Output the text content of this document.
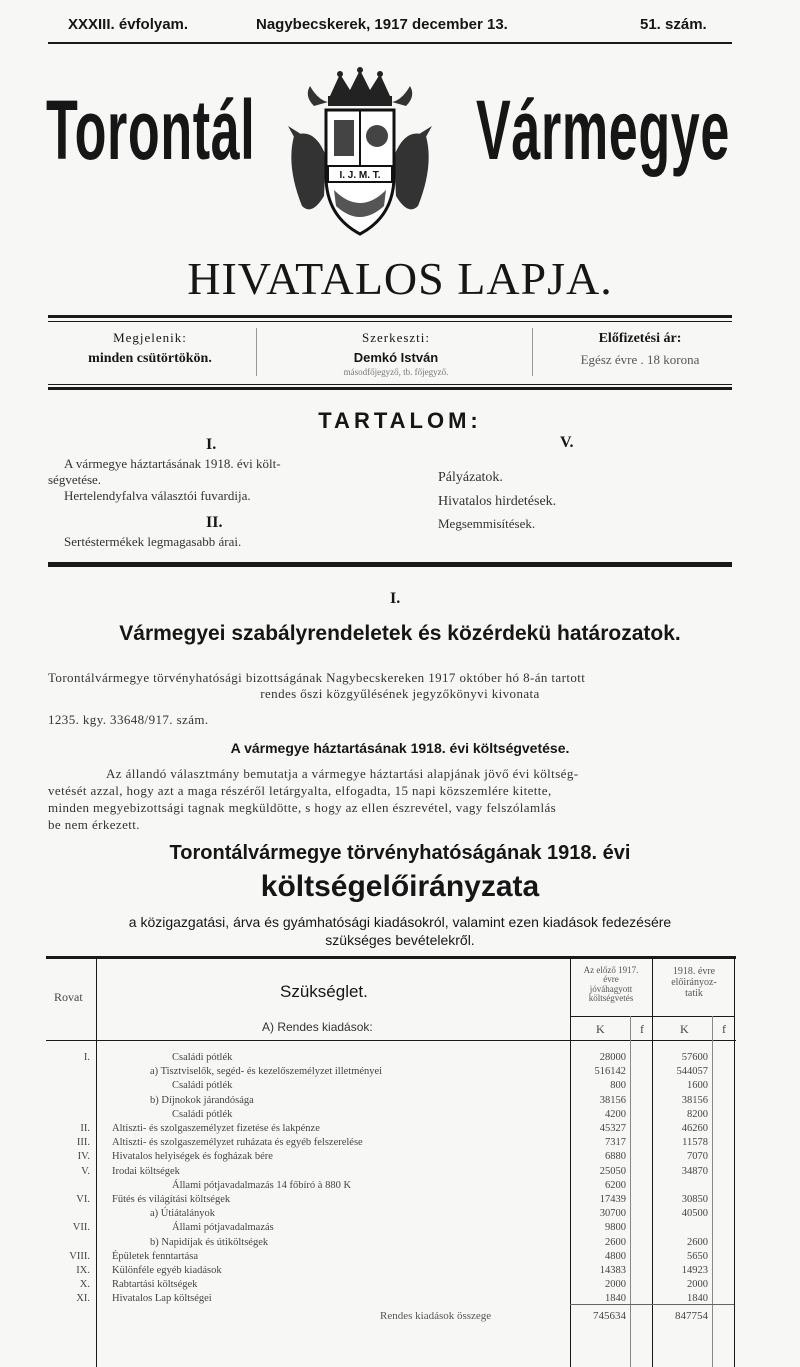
XXXIII. évfolyam.	Nagybecskerek, 1917 december 13.	51. szám.
Torontál	Vármegye
I. J. M. T.
HIVATALOS LAPJA.
Megjelenik:
minden csütörtökön.
Szerkeszti:
Demkó István
másodfőjegyző, tb. főjegyző.
Előfizetési ár:
Egész évre . 18 korona
TARTALOM:
I.
A vármegye háztartásának 1918. évi költ-
ségvetése.
Hertelendyfalva választói fuvardija.
II.
Sertéstermékek legmagasabb árai.
V.
Pályázatok.
Hivatalos hirdetések.
Megsemmisítések.
I.
Vármegyei szabályrendeletek és közérdekü határozatok.
Torontálvármegye törvényhatósági bizottságának Nagybecskereken 1917 október hó 8-án tartott
rendes őszi közgyűlésének jegyzőkönyvi kivonata
1235. kgy. 33648/917. szám.
A vármegye háztartásának 1918. évi költségvetése.
Az állandó választmány bemutatja a vármegye háztartási alapjának jövő évi költség-
vetését azzal, hogy azt a maga részéről letárgyalta, elfogadta, 15 napi közszemlére kitette,
minden megyebizottsági tagnak megküldötte, s hogy az ellen észrevétel, vagy felszólamlás
be nem érkezett.
Torontálvármegye törvényhatóságának 1918. évi
költségelőirányzata
a közigazgatási, árva és gyámhatósági kiadásokról, valamint ezen kiadások fedezésére
szükséges bevételekről.
Rovat	Szükséglet.
Az előző 1917.
évre
jóváhagyott
költségvetés
1918. évre
előirányoz-
tatik
K	f	K	f
A) Rendes kiadások:
I.	Családi pótlék	28000	57600
a) Tisztviselők, segéd- és kezelőszemélyzet illetményei	516142	544057
Családi pótlék	800	1600
b) Díjnokok járandósága	38156	38156
Családi pótlék	4200	8200
II. Altiszti- és szolgaszemélyzet fizetése és lakpénze	45327	46260
III. Altiszti- és szolgaszemélyzet ruházata és egyéb felszerelése	7317	11578
IV. Hivatalos helyiségek és fogházak bére	6880	7070
V. Irodai költségek	25050	34870
Állami pótjavadalmazás 14 főbíró à 880 K	6200
VI. Fűtés és világítási költségek	17439	30850
a) Útiátalányok	30700	40500
VII.	Állami pótjavadalmazás	9800
b) Napidíjak és útiköltségek	2600	2600
VIII. Épületek fenntartása	4800	5650
IX. Különféle egyéb kiadások	14383	14923
X. Rabtartási költségek	2000	2000
XI. Hivatalos Lap költségei	1840	1840
Rendes kiadások összege	745634	847754
